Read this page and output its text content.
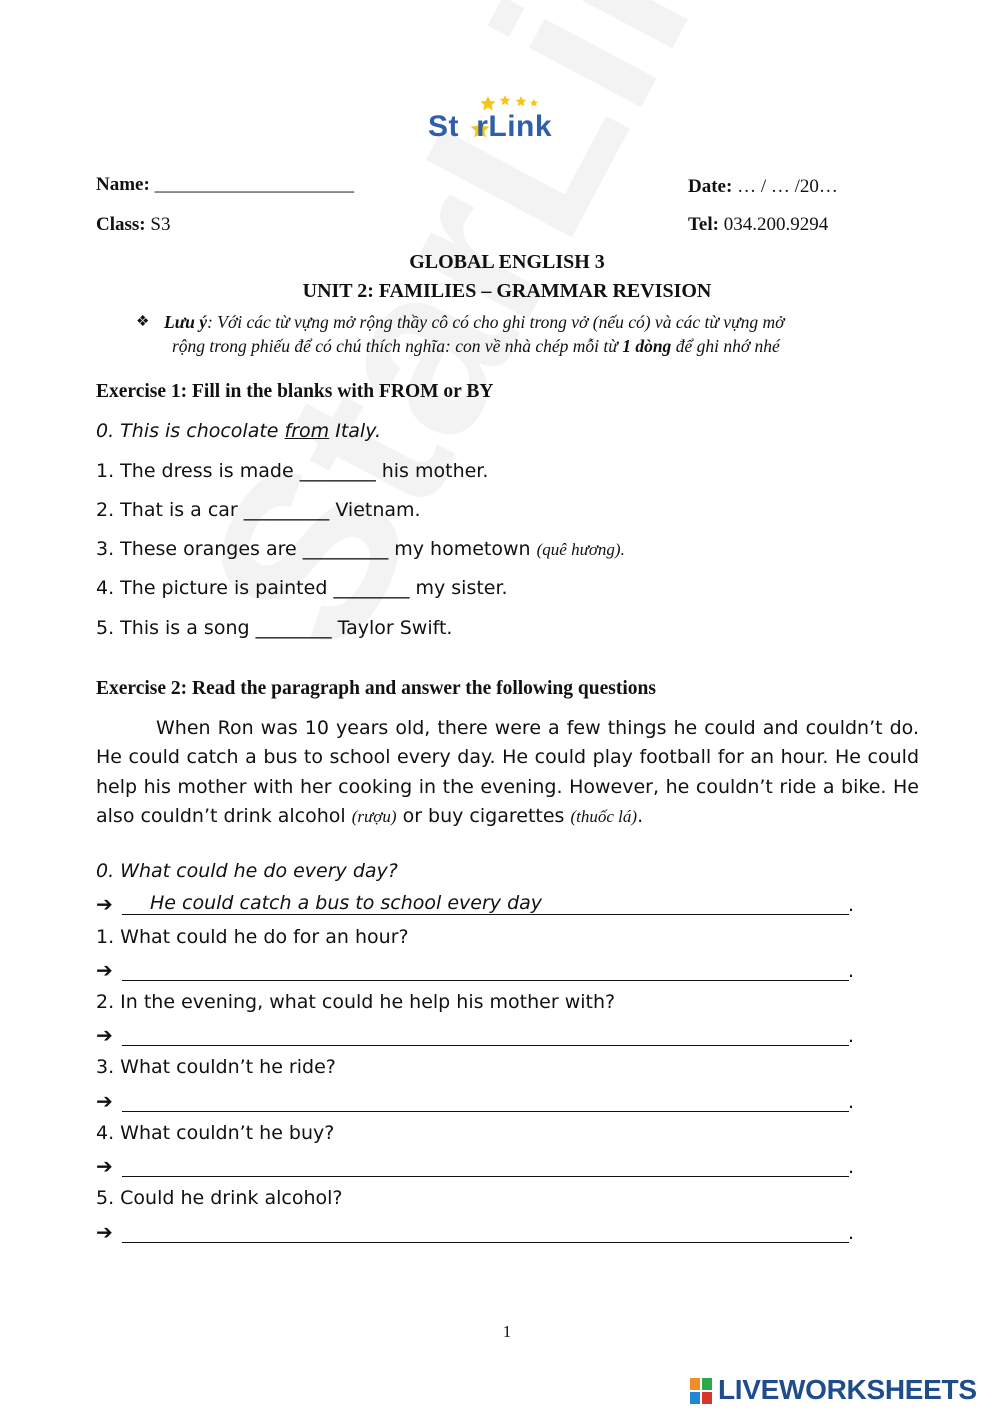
St rLink
Name: _____________________	Date: … / … /20…
Class: S3	Tel: 034.200.9294
GLOBAL ENGLISH 3
UNIT 2: FAMILIES – GRAMMAR REVISION
❖ Lưu ý: Với các từ vựng mở rộng thầy cô có cho ghi trong vở (nếu có) và các từ vựng mở
rộng trong phiếu để có chú thích nghĩa: con về nhà chép mỗi từ 1 dòng để ghi nhớ nhé
Exercise 1: Fill in the blanks with FROM or BY
0. This is chocolate from Italy.
1. The dress is made ________ his mother.
2. That is a car _________ Vietnam.
3. These oranges are _________ my hometown (quê hương).
4. The picture is painted ________ my sister.
5. This is a song ________ Taylor Swift.
Exercise 2: Read the paragraph and answer the following questions

When Ron was 10 years old, there were a few things he could and couldn’t do. He could catch a bus to school every day. He could play football for an hour. He could help his mother with her cooking in the evening. However, he couldn’t ride a bike. He also couldn’t drink alcohol (rượu) or buy cigarettes (thuốc lá).

0. What could he do every day?
➔ He could catch a bus to school every day	.
1. What could he do for an hour?
➔	.
2. In the evening, what could he help his mother with?
➔	.
3. What couldn’t he ride?
➔	.
4. What couldn’t he buy?
➔	.
5. Could he drink alcohol?
➔	.
1
LIVEWORKSHEETS
